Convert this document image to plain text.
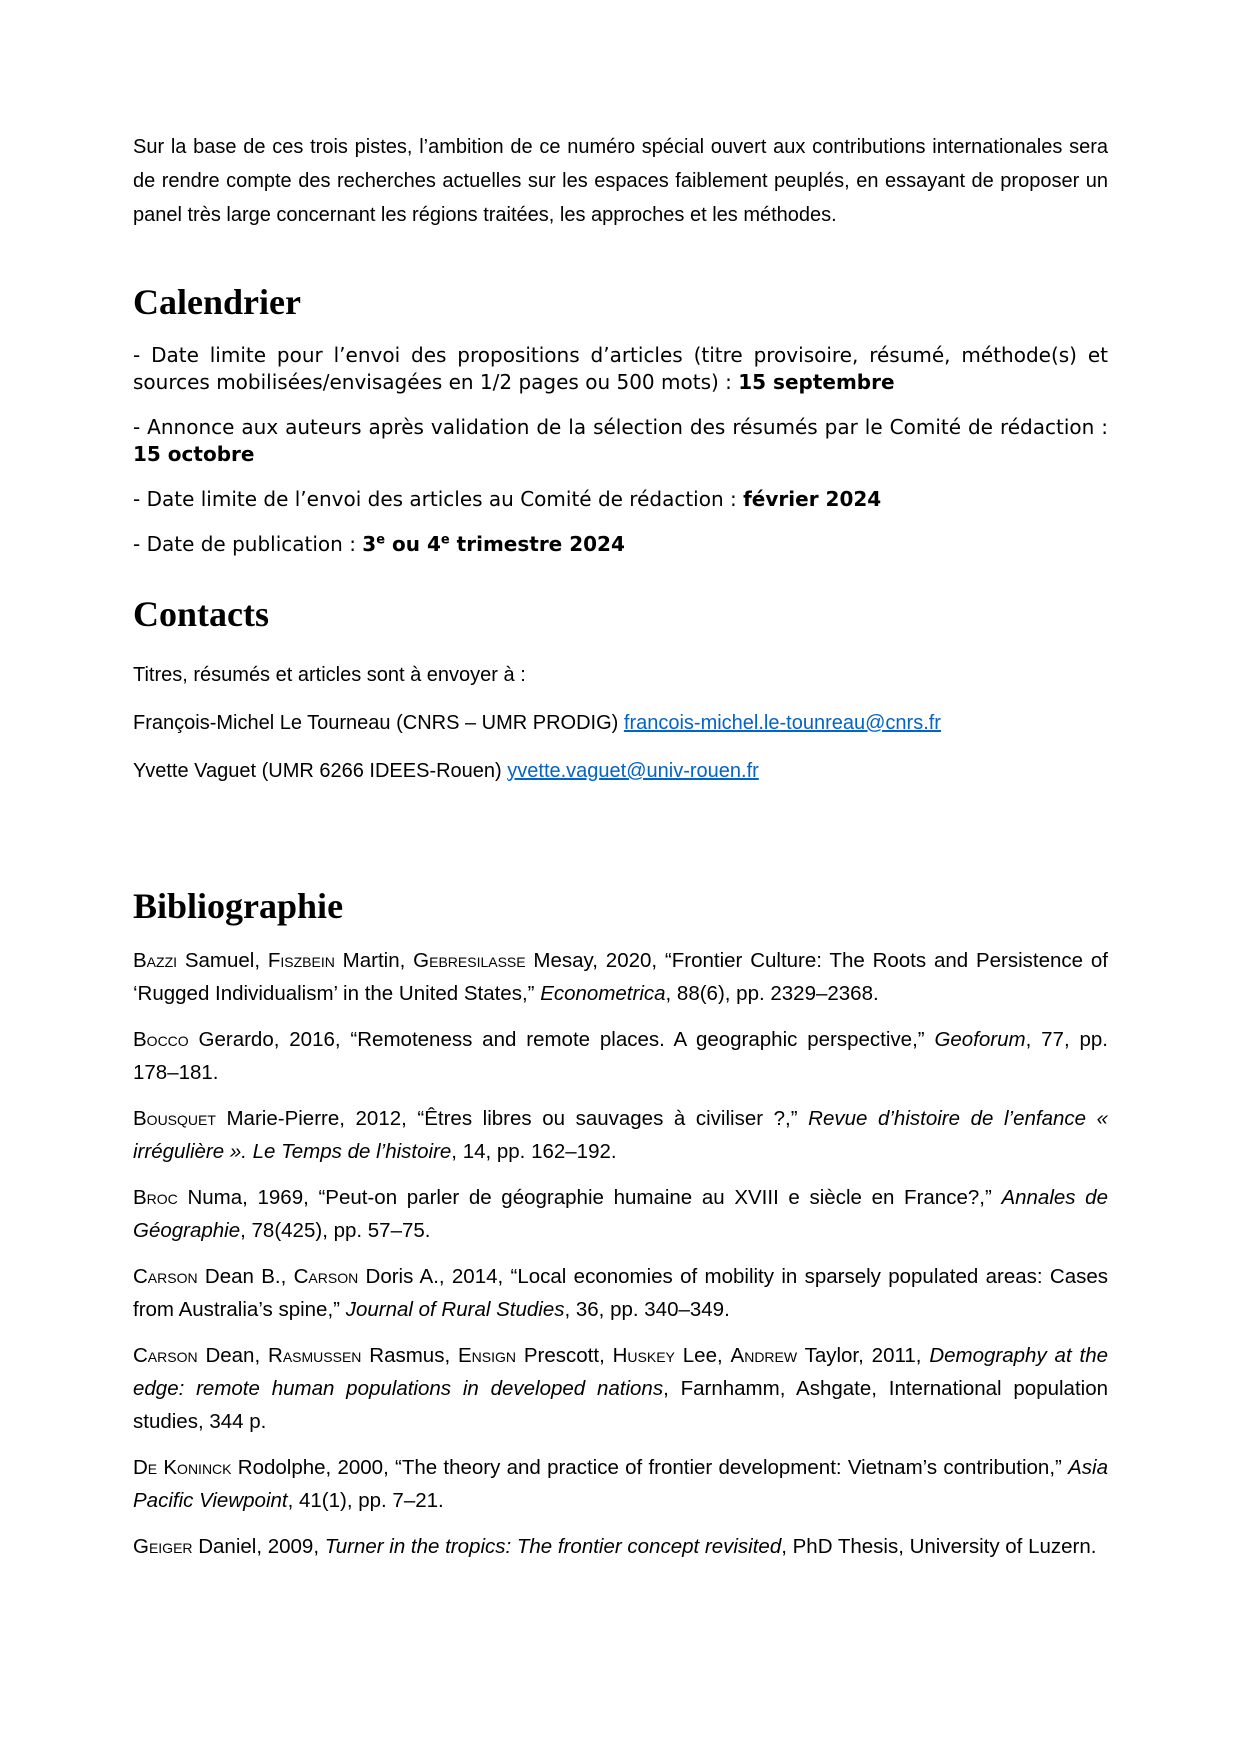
Sur la base de ces trois pistes, l’ambition de ce numéro spécial ouvert aux contributions internationales sera de rendre compte des recherches actuelles sur les espaces faiblement peuplés, en essayant de proposer un panel très large concernant les régions traitées, les approches et les méthodes.

Calendrier

- Date limite pour l’envoi des propositions d’articles (titre provisoire, résumé, méthode(s) et sources mobilisées/envisagées en 1/2 pages ou 500 mots) : 15 septembre

- Annonce aux auteurs après validation de la sélection des résumés par le Comité de rédaction : 15 octobre

- Date limite de l’envoi des articles au Comité de rédaction : février 2024

- Date de publication : 3e ou 4e trimestre 2024

Contacts

Titres, résumés et articles sont à envoyer à :

François-Michel Le Tourneau (CNRS – UMR PRODIG) francois-michel.le-tounreau@cnrs.fr

Yvette Vaguet (UMR 6266 IDEES-Rouen) yvette.vaguet@univ-rouen.fr

Bibliographie

Bazzi Samuel, Fiszbein Martin, Gebresilasse Mesay, 2020, “Frontier Culture: The Roots and Persistence of ‘Rugged Individualism’ in the United States,” Econometrica, 88(6), pp. 2329–2368.

Bocco Gerardo, 2016, “Remoteness and remote places. A geographic perspective,” Geoforum, 77, pp. 178–181.

Bousquet Marie-Pierre, 2012, “Êtres libres ou sauvages à civiliser ?,” Revue d’histoire de l’enfance « irrégulière ». Le Temps de l’histoire, 14, pp. 162–192.

Broc Numa, 1969, “Peut-on parler de géographie humaine au XVIII e siècle en France?,” Annales de Géographie, 78(425), pp. 57–75.

Carson Dean B., Carson Doris A., 2014, “Local economies of mobility in sparsely populated areas: Cases from Australia’s spine,” Journal of Rural Studies, 36, pp. 340–349.

Carson Dean, Rasmussen Rasmus, Ensign Prescott, Huskey Lee, Andrew Taylor, 2011, Demography at the edge: remote human populations in developed nations, Farnhamm, Ashgate, International population studies, 344 p.

De Koninck Rodolphe, 2000, “The theory and practice of frontier development: Vietnam’s contribution,” Asia Pacific Viewpoint, 41(1), pp. 7–21.

Geiger Daniel, 2009, Turner in the tropics: The frontier concept revisited, PhD Thesis, University of Luzern.
